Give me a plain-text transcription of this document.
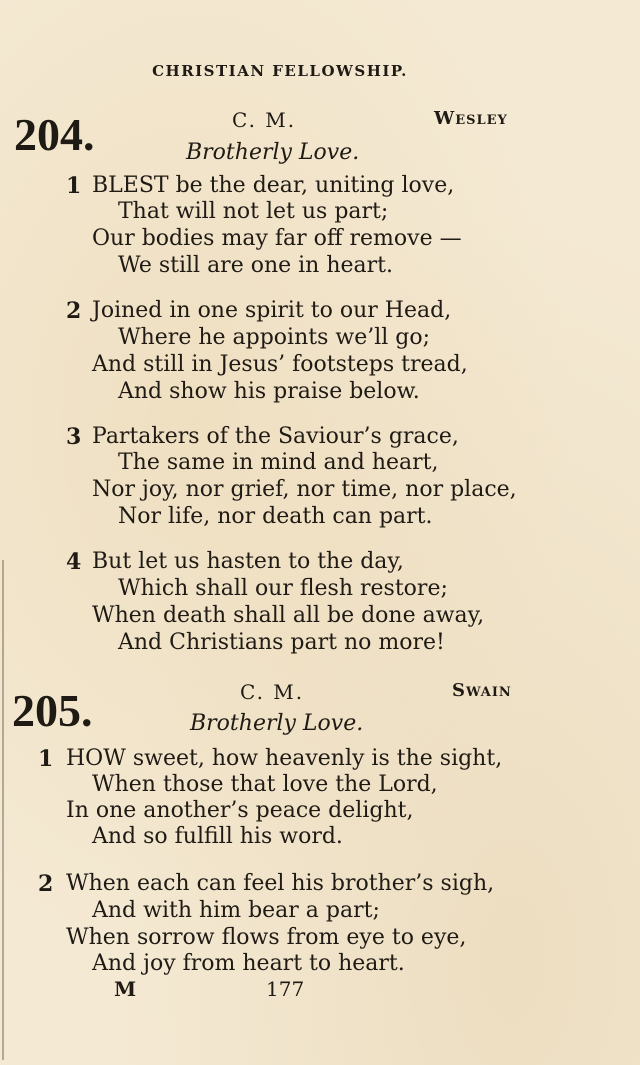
CHRISTIAN FELLOWSHIP.
204.	C. M.	Wesley
Brotherly Love.
1 BLEST be the dear, uniting love,
That will not let us part;
Our bodies may far off remove —
We still are one in heart.
2 Joined in one spirit to our Head,
Where he appoints we’ll go;
And still in Jesus’ footsteps tread,
And show his praise below.
3 Partakers of the Saviour’s grace,
The same in mind and heart,
Nor joy, nor grief, nor time, nor place,
Nor life, nor death can part.
4 But let us hasten to the day,
Which shall our flesh restore;
When death shall all be done away,
And Christians part no more!
205.	C. M.	Swain
Brotherly Love.
1 HOW sweet, how heavenly is the sight,
When those that love the Lord,
In one another’s peace delight,
And so fulfill his word.
2 When each can feel his brother’s sigh,
And with him bear a part;
When sorrow flows from eye to eye,
And joy from heart to heart.
M	177
